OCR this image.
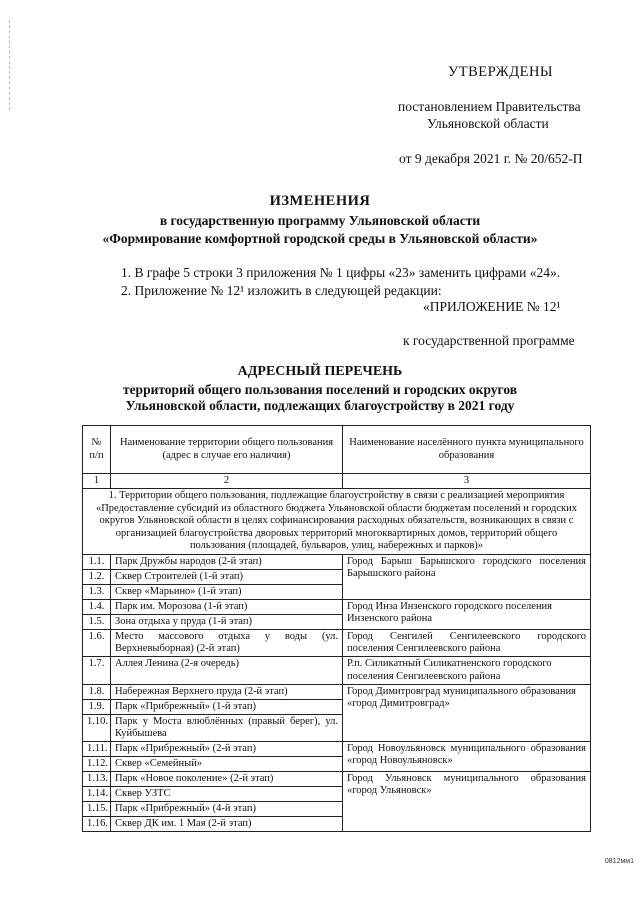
УТВЕРЖДЕНЫ
постановлением Правительства
Ульяновской области
от 9 декабря 2021 г. № 20/652-П
ИЗМЕНЕНИЯ
в государственную программу Ульяновской области
«Формирование комфортной городской среды в Ульяновской области»
1. В графе 5 строки 3 приложения № 1 цифры «23» заменить цифрами «24».
2. Приложение № 12¹ изложить в следующей редакции:
«ПРИЛОЖЕНИЕ № 12¹
к государственной программе
АДРЕСНЫЙ ПЕРЕЧЕНЬ
территорий общего пользования поселений и городских округов
Ульяновской области, подлежащих благоустройству в 2021 году
№ п/п	Наименование территории общего пользования (адрес в случае его наличия)	Наименование населённого пункта муниципального образования
1	2	3
1. Территории общего пользования, подлежащие благоустройству в связи с реализацией мероприятия «Предоставление субсидий из областного бюджета Ульяновской области бюджетам поселений и городских округов Ульяновской области в целях софинансирования расходных обязательств, возникающих в связи с организацией благоустройства дворовых территорий многоквартирных домов, территорий общего пользования (площадей, бульваров, улиц, набережных и парков)»		
1.1.	Парк Дружбы народов (2-й этап)	Город Барыш Барышского городского поселения Барышского района
1.2.	Сквер Строителей (1-й этап)	
1.3.	Сквер «Марьино» (1-й этап)	
1.4.	Парк им. Морозова (1-й этап)	Город Инза Инзенского городского поселения Инзенского района
1.5.	Зона отдыха у пруда (1-й этап)	
1.6.	Место массового отдыха у воды (ул. Верхневыборная) (2-й этап)	Город Сенгилей Сенгилеевского городского поселения Сенгилеевского района
1.7.	Аллея Ленина (2-я очередь)	Р.п. Силикатный Силикатненского городского поселения Сенгилеевского района
1.8.	Набережная Верхнего пруда (2-й этап)	Город Димитровград муниципального образования «город Димитровград»
1.9.	Парк «Прибрежный» (1-й этап)	
1.10.	Парк у Моста влюблённых (правый берег), ул. Куйбышева	
1.11.	Парк «Прибрежный» (2-й этап)	Город Новоульяновск муниципального образования «город Новоульяновск»
1.12.	Сквер «Семейный»	
1.13.	Парк «Новое поколение» (2-й этап)	Город Ульяновск муниципального образования «город Ульяновск»
1.14.	Сквер УЗТС	
1.15.	Парк «Прибрежный» (4-й этап)	
1.16.	Сквер ДК им. 1 Мая (2-й этап)	
0812мм1
